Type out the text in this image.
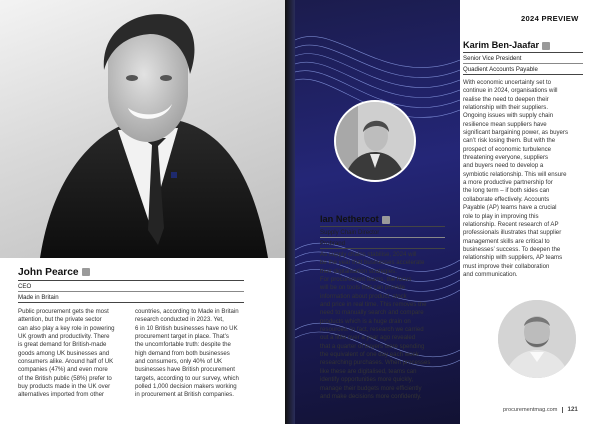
John Pearce
CEO
Made in Britain
Public procurement gets the most
attention, but the private sector
can also play a key role in powering
UK growth and productivity. There
is great demand for British-made
goods among UK businesses and
consumers alike. Around half of UK
companies (47%) and even more
of the British public (58%) prefer to
buy products made in the UK over
alternatives imported from other
countries, according to Made in Britain
research conducted in 2023. Yet,
6 in 10 British businesses have no UK
procurement target in place. That’s
the uncomfortable truth: despite the
high demand from both businesses
and consumers, only 40% of UK
businesses have British procurement
targets, according to our survey, which
polled 1,000 decision makers working
in procurement at British companies.
2024 PREVIEW
Karim Ben-Jaafar
Senior Vice President
Quadient Accounts Payable
With economic uncertainty set to
continue in 2024, organisations will
realise the need to deepen their
relationship with their suppliers.
Ongoing issues with supply chain
resilience mean suppliers have
significant bargaining power, as buyers
can’t risk losing them. But with the
prospect of economic turbulence
threatening everyone, suppliers
and buyers need to develop a
symbiotic relationship. This will ensure
a more productive partnership for
the long term – if both sides can
collaborate effectively. Accounts
Payable (AP) teams have a crucial
role to play in improving this
relationship. Recent research of AP
professionals illustrates that supplier
management skills are critical to
businesses’ success. To deepen the
relationship with suppliers, AP teams
must improve their collaboration
and communication.
Ian Nethercot
Supply Chain Director
Probrand
As supply chains stabilise, 2024 will
be the year that businesses accelerate
their digitalisation strategies.
For procurement teams, the focus
will be on tools that can provide
information about product, stock
and price in real time. This removes the
need to manually search and compare
products which is a huge drain on
resources. In fact, research we carried
out a little over a year ago revealed
that a quarter of buyers were spending
the equivalent of one day each week
researching purchases. When processes
like these are digitalised, teams can
identify opportunities more quickly,
manage their budgets more efficiently
and make decisions more confidently.
procurementmag.com 121
